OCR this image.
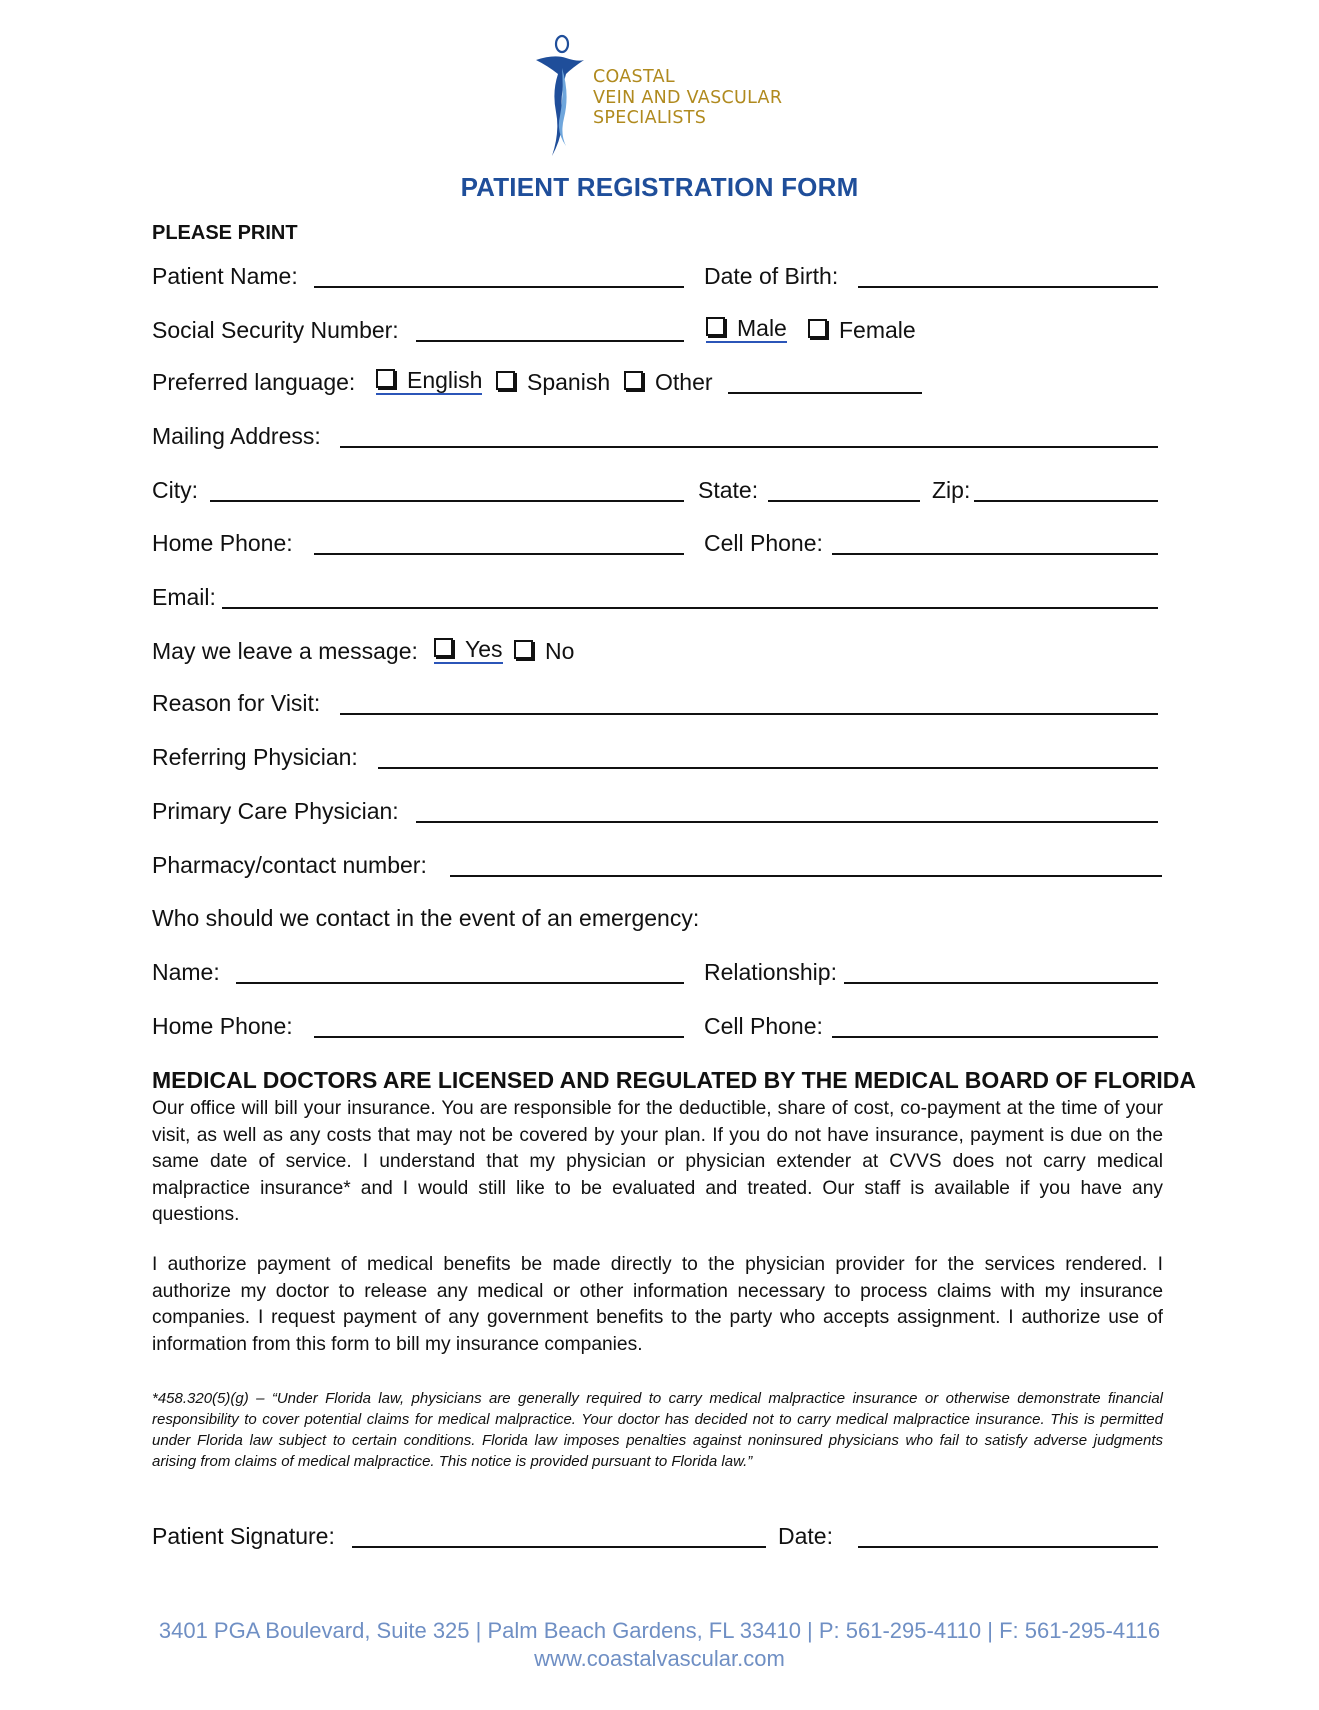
COASTAL
VEIN AND VASCULAR
SPECIALISTS
PATIENT REGISTRATION FORM
PLEASE PRINT
Patient Name:	Date of Birth:
Social Security Number:	Male Female
Preferred language: English Spanish Other
Mailing Address:
City:	State:	Zip:
Home Phone:	Cell Phone:
Email:
May we leave a message: Yes No
Reason for Visit:
Referring Physician:
Primary Care Physician:
Pharmacy/contact number:
Who should we contact in the event of an emergency:
Name:	Relationship:
Home Phone:	Cell Phone:
MEDICAL DOCTORS ARE LICENSED AND REGULATED BY THE MEDICAL BOARD OF FLORIDA
Our office will bill your insurance. You are responsible for the deductible, share of cost, co-payment at the time of your visit, as well as any costs that may not be covered by your plan. If you do not have insurance, payment is due on the same date of service. I understand that my physician or physician extender at CVVS does not carry medical malpractice insurance* and I would still like to be evaluated and treated. Our staff is available if you have any questions.
I authorize payment of medical benefits be made directly to the physician provider for the services rendered. I authorize my doctor to release any medical or other information necessary to process claims with my insurance companies. I request payment of any government benefits to the party who accepts assignment. I authorize use of information from this form to bill my insurance companies.
*458.320(5)(g) – “Under Florida law, physicians are generally required to carry medical malpractice insurance or otherwise demonstrate financial responsibility to cover potential claims for medical malpractice. Your doctor has decided not to carry medical malpractice insurance. This is permitted under Florida law subject to certain conditions. Florida law imposes penalties against noninsured physicians who fail to satisfy adverse judgments arising from claims of medical malpractice. This notice is provided pursuant to Florida law.”
Patient Signature:	Date:
3401 PGA Boulevard, Suite 325 | Palm Beach Gardens, FL 33410 | P: 561-295-4110 | F: 561-295-4116
www.coastalvascular.com
